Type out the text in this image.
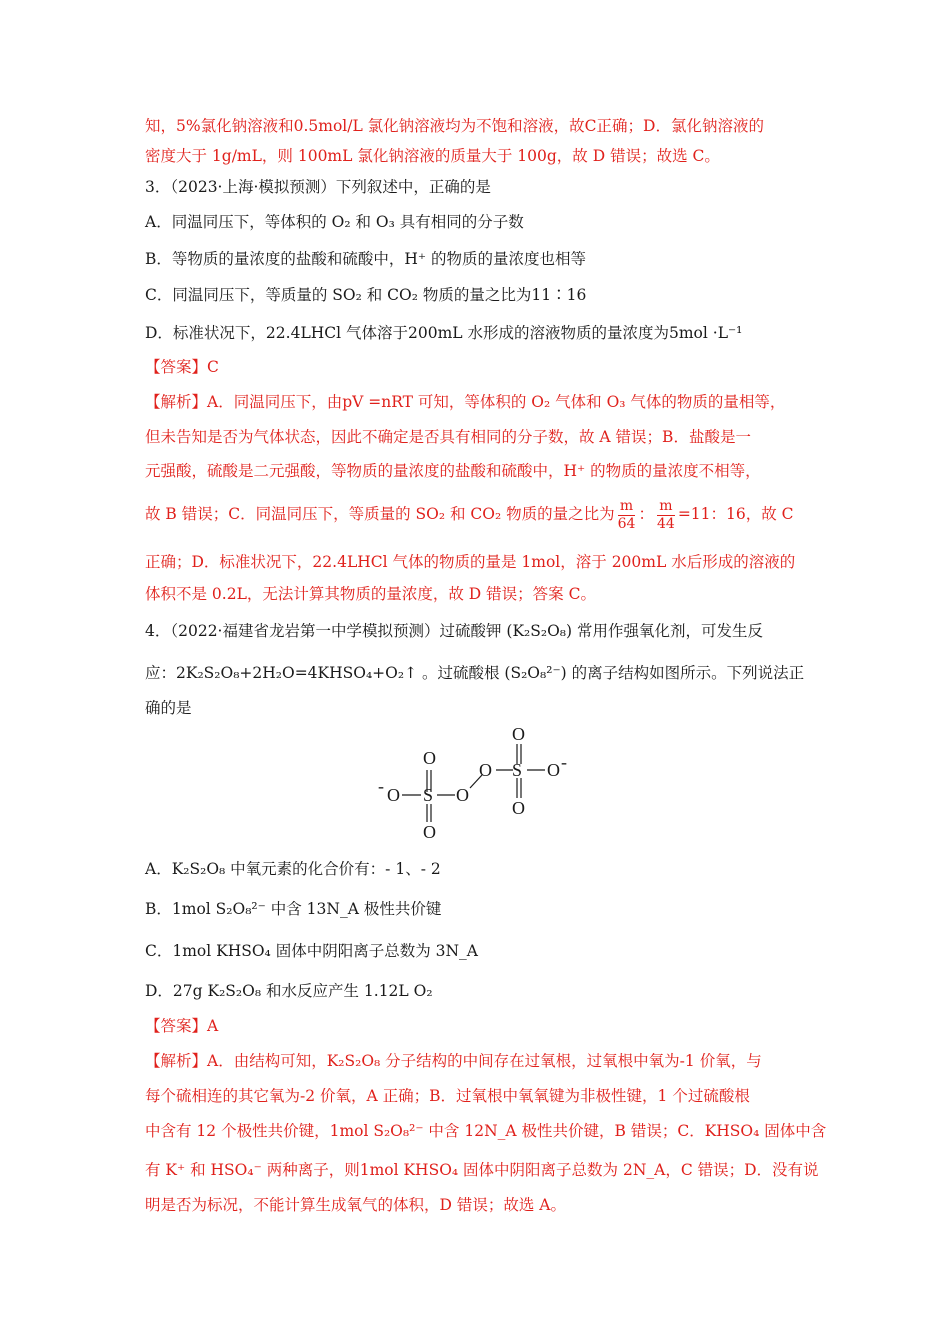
知，5%氯化钠溶液和0.5mol/L 氯化钠溶液均为不饱和溶液，故C正确；D．氯化钠溶液的
密度大于 1g/mL，则 100mL 氯化钠溶液的质量大于 100g，故 D 错误；故选 C。
3．（2023·上海·模拟预测）下列叙述中，正确的是
A．同温同压下，等体积的 O₂ 和 O₃ 具有相同的分子数
B．等物质的量浓度的盐酸和硫酸中，H⁺ 的物质的量浓度也相等
C．同温同压下，等质量的 SO₂ 和 CO₂ 物质的量之比为11∶16
D．标准状况下，22.4LHCl 气体溶于200mL 水形成的溶液物质的量浓度为5mol ·L⁻¹
【答案】C
【解析】A．同温同压下，由pV =nRT 可知，等体积的 O₂ 气体和 O₃ 气体的物质的量相等，
但未告知是否为气体状态，因此不确定是否具有相同的分子数，故 A 错误；B．盐酸是一
元强酸，硫酸是二元强酸，等物质的量浓度的盐酸和硫酸中，H⁺ 的物质的量浓度不相等，
故 B 错误；C．同温同压下，等质量的 SO₂ 和 CO₂ 物质的量之比为 $\frac{m}{64}$ ： $\frac{m}{44} =11$：16，故 C
正确；D．标准状况下，22.4LHCl 气体的物质的量是 1mol，溶于 200mL 水后形成的溶液的
体积不是 0.2L，无法计算其物质的量浓度，故 D 错误；答案 C。
4．（2022·福建省龙岩第一中学模拟预测）过硫酸钾 (K₂S₂O₈) 常用作强氧化剂，可发生反
应：2K₂S₂O₈+2H₂O=4KHSO₄+O₂↑ 。过硫酸根 (S₂O₈²⁻) 的离子结构如图所示。下列说法正
确的是
O
O S O
O
O
O
S O
O
-
-
A．K₂S₂O₈ 中氧元素的化合价有：- 1、- 2
B．1mol S₂O₈²⁻ 中含 13N_A 极性共价键
C．1mol KHSO₄ 固体中阴阳离子总数为 3N_A
D．27g K₂S₂O₈ 和水反应产生 1.12L O₂
【答案】A
【解析】A．由结构可知，K₂S₂O₈ 分子结构的中间存在过氧根，过氧根中氧为-1 价氧，与
每个硫相连的其它氧为-2 价氧，A 正确；B．过氧根中氧氧键为非极性键，1 个过硫酸根
中含有 12 个极性共价键，1mol S₂O₈²⁻ 中含 12N_A 极性共价键，B 错误；C．KHSO₄ 固体中含
有 K⁺ 和 HSO₄⁻ 两种离子，则1mol KHSO₄ 固体中阴阳离子总数为 2N_A，C 错误；D．没有说
明是否为标况，不能计算生成氧气的体积，D 错误；故选 A。
